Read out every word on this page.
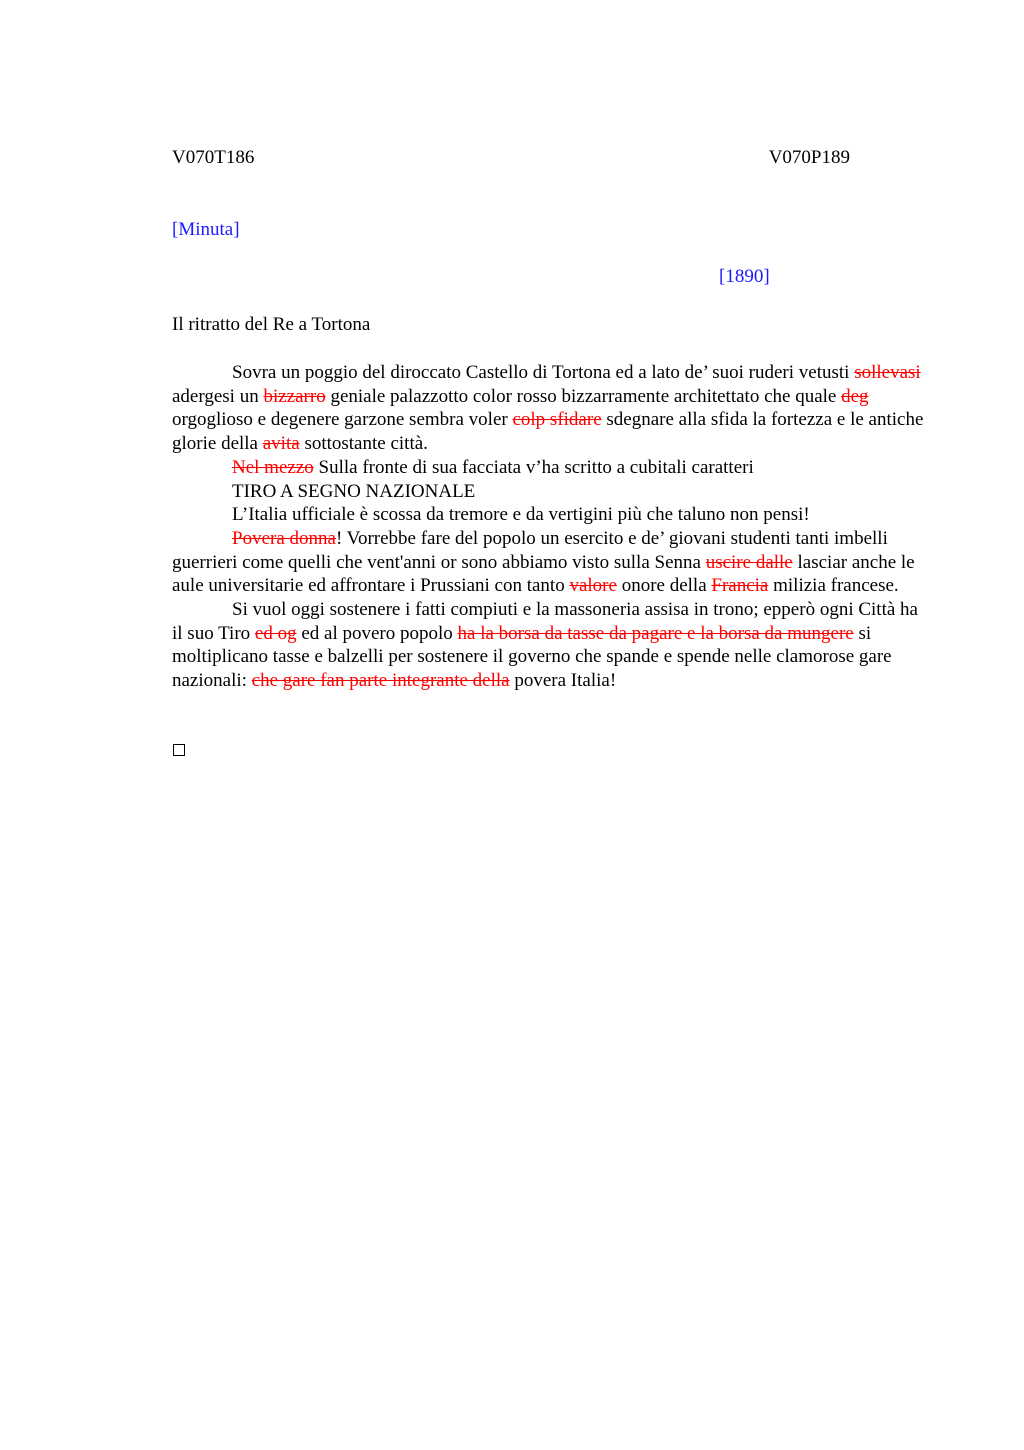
V070T186	V070P189
[Minuta]
[1890]
Il ritratto del Re a Tortona

Sovra un poggio del diroccato Castello di Tortona ed a lato de’ suoi ruderi vetusti sollevasi adergesi un bizzarro geniale palazzotto color rosso bizzarramente architettato che quale deg orgoglioso e degenere garzone sembra voler colp sfidare sdegnare alla sfida la fortezza e le antiche glorie della avita sottostante città.

Nel mezzo Sulla fronte di sua facciata v’ha scritto a cubitali caratteri

TIRO A SEGNO NAZIONALE

L’Italia ufficiale è scossa da tremore e da vertigini più che taluno non pensi!

Povera donna! Vorrebbe fare del popolo un esercito e de’ giovani studenti tanti imbelli guerrieri come quelli che vent'anni or sono abbiamo visto sulla Senna uscire dalle lasciar anche le aule universitarie ed affrontare i Prussiani con tanto valore onore della Francia milizia francese.

Si vuol oggi sostenere i fatti compiuti e la massoneria assisa in trono; epperò ogni Città ha il suo Tiro ed og ed al povero popolo ha la borsa da tasse da pagare e la borsa da mungere si moltiplicano tasse e balzelli per sostenere il governo che spande e spende nelle clamorose gare nazionali: che gare fan parte integrante della povera Italia!
